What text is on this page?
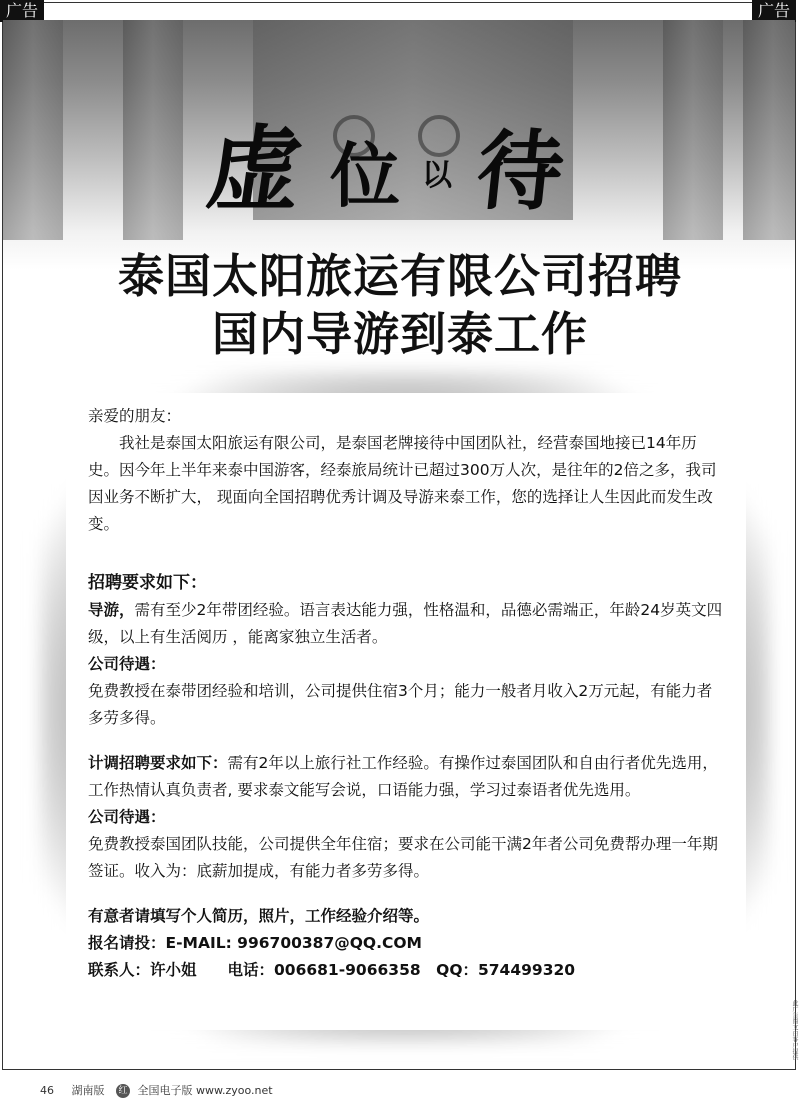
广告	广告
虚 位 以 待
泰国太阳旅运有限公司招聘
国内导游到泰工作

亲爱的朋友：

我社是泰国太阳旅运有限公司，是泰国老牌接待中国团队社，经营泰国地接已14年历史。因今年上半年来泰中国游客，经泰旅局统计已超过300万人次，是往年的2倍之多，我司因业务不断扩大， 现面向全国招聘优秀计调及导游来泰工作，您的选择让人生因此而发生改变。

招聘要求如下：

导游，需有至少2年带团经验。语言表达能力强，性格温和，品德必需端正，年龄24岁英文四级，以上有生活阅历 ，能离家独立生活者。

公司待遇：

免费教授在泰带团经验和培训，公司提供住宿3个月；能力一般者月收入2万元起，有能力者多劳多得。

计调招聘要求如下：需有2年以上旅行社工作经验。有操作过泰国团队和自由行者优先选用，工作热情认真负责者, 要求泰文能写会说，口语能力强，学习过泰语者优先选用。

公司待遇：

免费教授泰国团队技能，公司提供全年住宿；要求在公司能干满2年者公司免费帮办理一年期签证。收入为：底薪加提成，有能力者多劳多得。

有意者请填写个人简历，照片，工作经验介绍等。

报名请投：E-MAIL: 996700387@QQ.COM

联系人：许小姐　　电话：006681-9066358　QQ：574499320

46 湖南版 红 全国电子版 www.zyoo.net
此广告图文由客户提供
